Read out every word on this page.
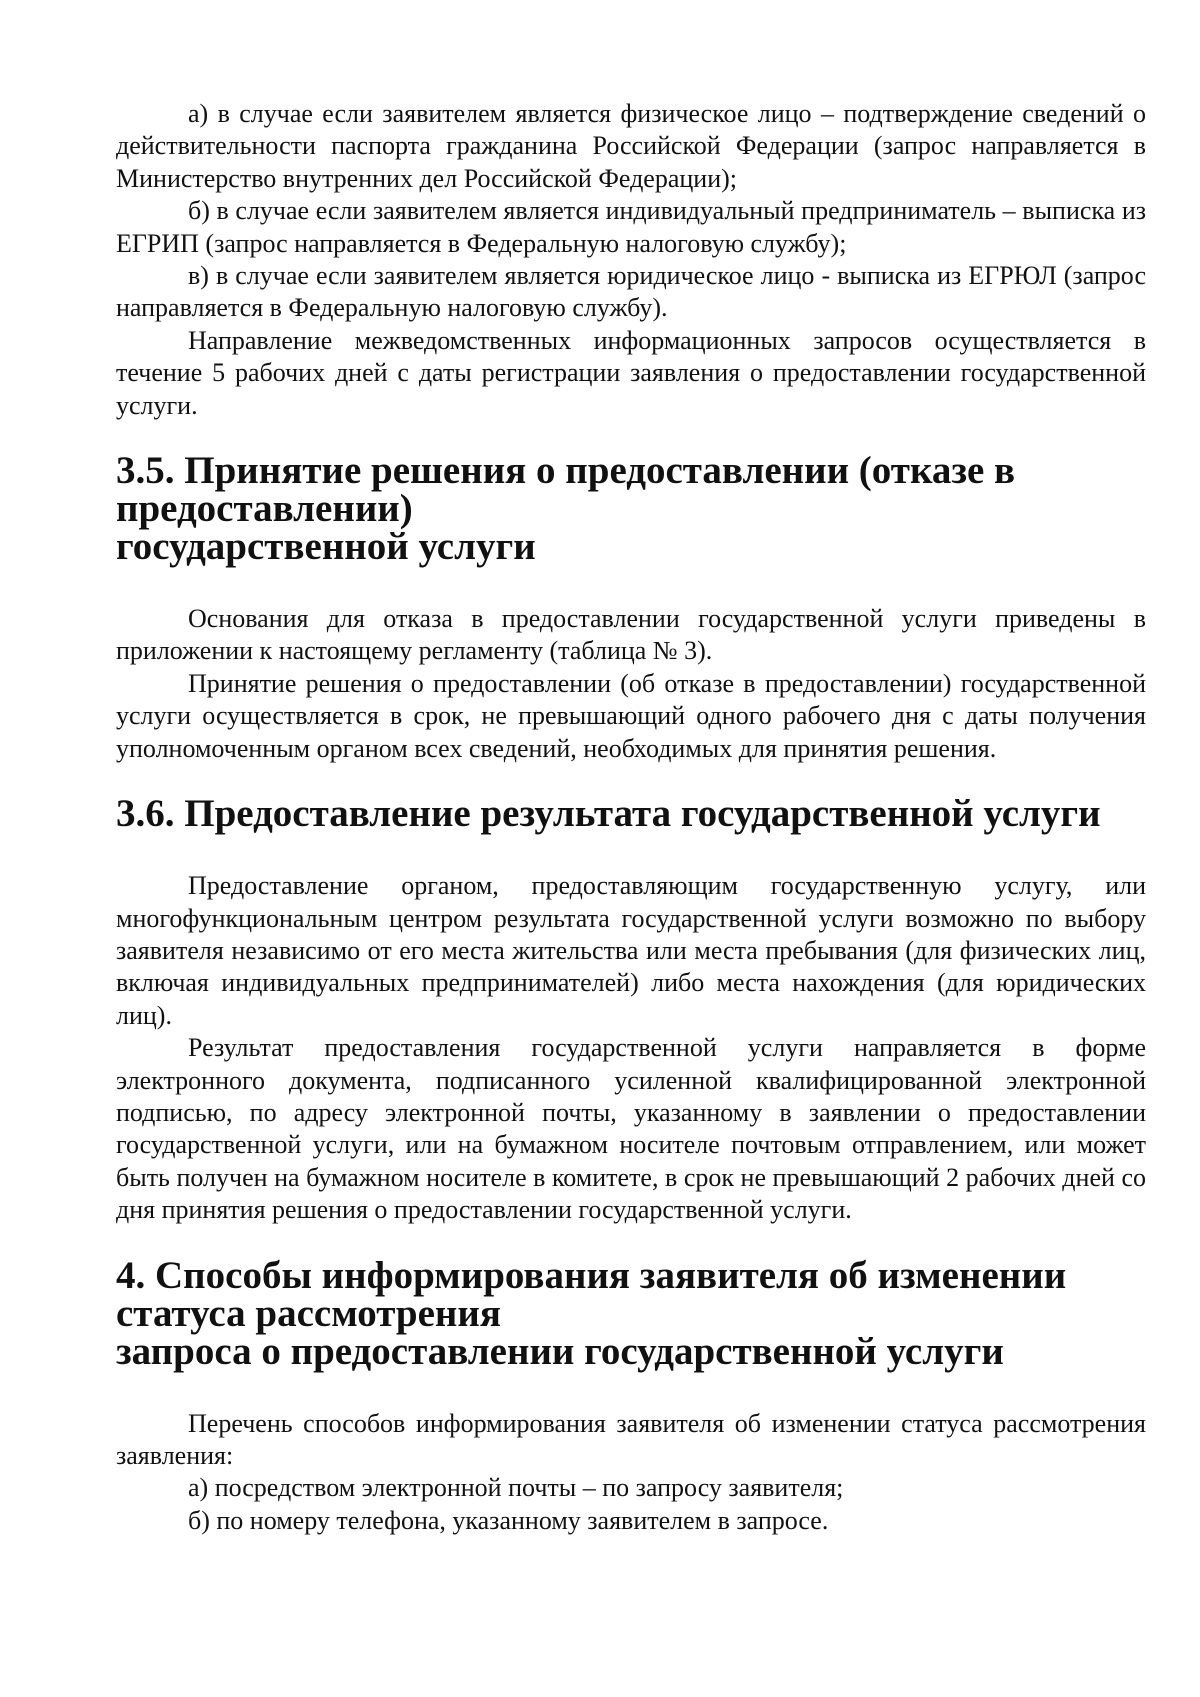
а) в случае если заявителем является физическое лицо – подтверждение сведений о действительности паспорта гражданина Российской Федерации (запрос направляется в Министерство внутренних дел Российской Федерации);

б) в случае если заявителем является индивидуальный предприниматель – выписка из ЕГРИП (запрос направляется в Федеральную налоговую службу);

в) в случае если заявителем является юридическое лицо - выписка из ЕГРЮЛ (запрос направляется в Федеральную налоговую службу).

Направление межведомственных информационных запросов осуществляется в течение 5 рабочих дней с даты регистрации заявления о предоставлении государственной услуги.

3.5. Принятие решения о предоставлении (отказе в предоставлении)
государственной услуги

Основания для отказа в предоставлении государственной услуги приведены в приложении к настоящему регламенту (таблица № 3).

Принятие решения о предоставлении (об отказе в предоставлении) государственной услуги осуществляется в срок, не превышающий одного рабочего дня с даты получения уполномоченным органом всех сведений, необходимых для принятия решения.

3.6. Предоставление результата государственной услуги

Предоставление органом, предоставляющим государственную услугу, или многофункциональным центром результата государственной услуги возможно по выбору заявителя независимо от его места жительства или места пребывания (для физических лиц, включая индивидуальных предпринимателей) либо места нахождения (для юридических лиц).

Результат предоставления государственной услуги направляется в форме электронного документа, подписанного усиленной квалифицированной электронной подписью, по адресу электронной почты, указанному в заявлении о предоставлении государственной услуги, или на бумажном носителе почтовым отправлением, или может быть получен на бумажном носителе в комитете, в срок не превышающий 2 рабочих дней со дня принятия решения о предоставлении государственной услуги.

4. Способы информирования заявителя об изменении статуса рассмотрения
запроса о предоставлении государственной услуги

Перечень способов информирования заявителя об изменении статуса рассмотрения заявления:

а) посредством электронной почты – по запросу заявителя;

б) по номеру телефона, указанному заявителем в запросе.
